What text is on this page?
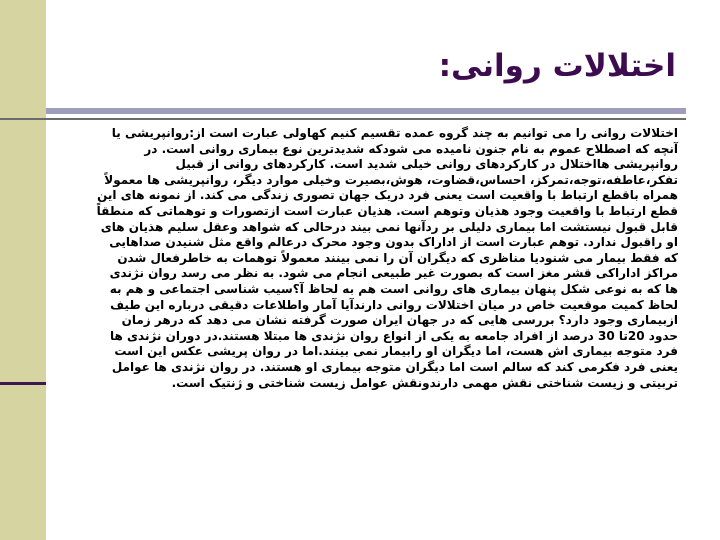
اختلالات روانی:

اختلالات روانی را می توانیم به چند گروه عمده تقسیم کنیم کهاولی عبارت است از:روانپریشی یا آنچه که اصطلاح عموم به نام جنون نامیده می شودکه شدیدترین نوع بیماری روانی است. در روانپریشی هااختلال در کارکردهای روانی خیلی شدید است. کارکردهای روانی از قبیل تفکر،عاطفه،توجه،تمرکز، احساس،قضاوت، هوش،بصیرت وخیلی موارد دیگر، روانپریشی ها معمولاً همراه باقطع ارتباط با واقعیت است یعنی فرد دریک جهان تصوری زندگی می کند. از نمونه های این قطع ارتباط با واقعیت وجود هذیان وتوهم است. هذیان عبارت است ازتصورات و توهماتی که منطقاً قابل قبول نیستشت اما بیماری دلیلی بر ردآنها نمی بیند درحالی که شواهد وعقل سلیم هذیان های او راقبول ندارد. توهم عبارت است از اداراک بدون وجود محرک درعالم واقع مثل شنیدن صداهایی که فقط بیمار می شنودیا مناظری که دیگران آن را نمی بینند معمولاً توهمات به خاطرفعال شدن مراکز اداراکی قشر مغز است که بصورت غیر طبیعی انجام می شود. به نظر می رسد روان نژندی ها که به نوعی شکل پنهان بیماری های روانی است هم به لحاظ آ؟سیب شناسی اجتماعی و هم به لحاظ کمیت موقعیت خاص در میان اختلالات روانی دارندآیا آمار واطلاعات دقیقی درباره این طیف ازبیماری وجود دارد؟ بررسی هایی که در جهان ایران صورت گرفته نشان می دهد که درهر زمان حدود 20تا 30 درصد از افراد جامعه به یکی از انواع روان نژندی ها مبتلا هستند.در دوران نژندی ها فرد متوجه بیماری اش هست، اما دیگران او رابیمار نمی بینند.اما در روان پریشی عکس این است یعنی فرد فکرمی کند که سالم است اما دیگران متوجه بیماری او هستند. در روان نژندی ها عوامل تربیتی و زیست شناختی نقش مهمی دارندونقش عوامل زیست شناختی و ژنتیک است.
